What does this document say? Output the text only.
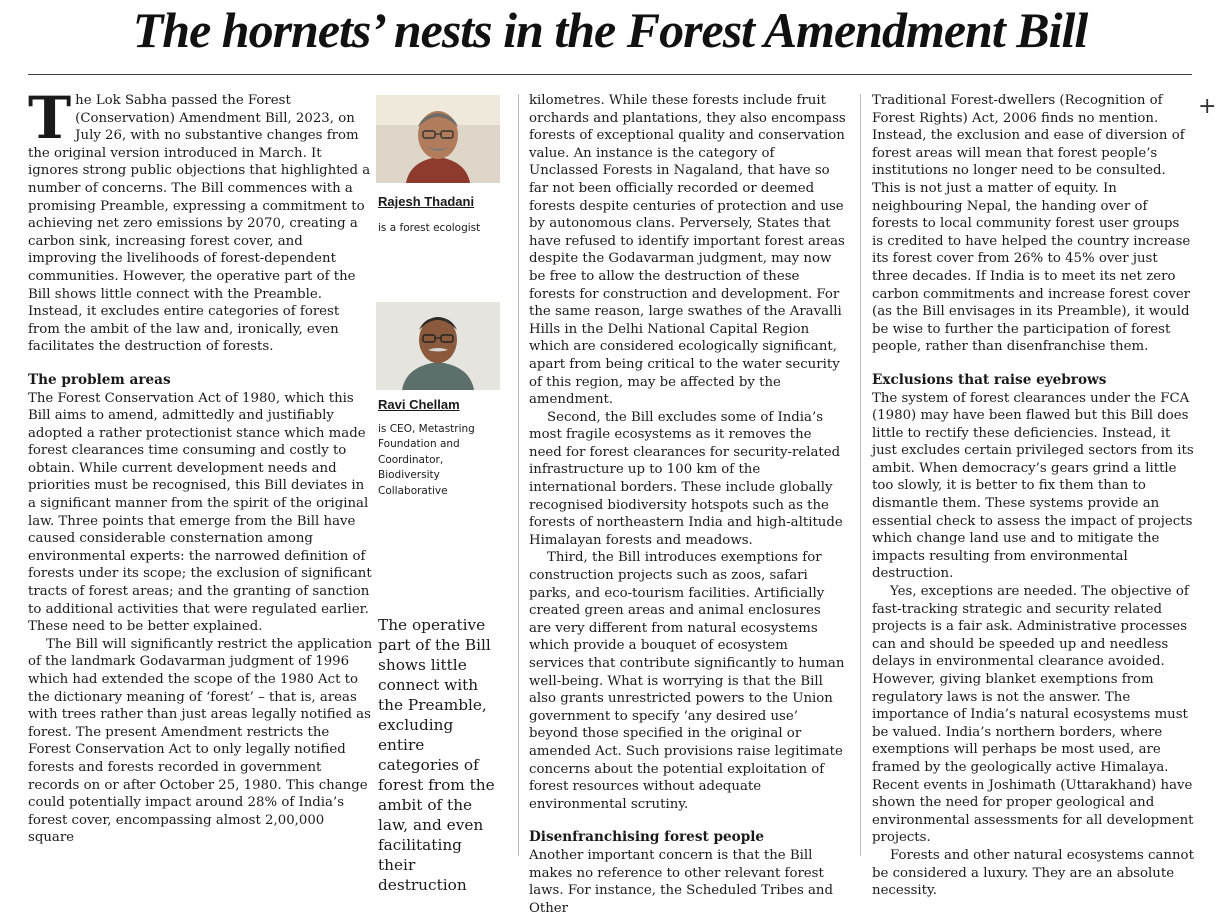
The hornets’ nests in the Forest Amendment Bill

The Lok Sabha passed the Forest (Conservation) Amendment Bill, 2023, on July 26, with no substantive changes from the original version introduced in March. It ignores strong public objections that highlighted a number of concerns. The Bill commences with a promising Preamble, expressing a commitment to achieving net zero emissions by 2070, creating a carbon sink, increasing forest cover, and improving the livelihoods of forest-dependent communities. However, the operative part of the Bill shows little connect with the Preamble. Instead, it excludes entire categories of forest from the ambit of the law and, ironically, even facilitates the destruction of forests.

The problem areas

The Forest Conservation Act of 1980, which this Bill aims to amend, admittedly and justifiably adopted a rather protectionist stance which made forest clearances time consuming and costly to obtain. While current development needs and priorities must be recognised, this Bill deviates in a significant manner from the spirit of the original law. Three points that emerge from the Bill have caused considerable consternation among environmental experts: the narrowed definition of forests under its scope; the exclusion of significant tracts of forest areas; and the granting of sanction to additional activities that were regulated earlier. These need to be better explained.

The Bill will significantly restrict the application of the landmark Godavarman judgment of 1996 which had extended the scope of the 1980 Act to the dictionary meaning of ‘forest’ – that is, areas with trees rather than just areas legally notified as forest. The present Amendment restricts the Forest Conservation Act to only legally notified forests and forests recorded in government records on or after October 25, 1980. This change could potentially impact around 28% of India’s forest cover, encompassing almost 2,00,000 square

Rajesh Thadani
is a forest ecologist
Ravi Chellam
is CEO, Metastring Foundation and Coordinator, Biodiversity Collaborative
The operative part of the Bill shows little connect with the Preamble, excluding entire categories of forest from the ambit of the law, and even facilitating their destruction

kilometres. While these forests include fruit orchards and plantations, they also encompass forests of exceptional quality and conservation value. An instance is the category of Unclassed Forests in Nagaland, that have so far not been officially recorded or deemed forests despite centuries of protection and use by autonomous clans. Perversely, States that have refused to identify important forest areas despite the Godavarman judgment, may now be free to allow the destruction of these forests for construction and development. For the same reason, large swathes of the Aravalli Hills in the Delhi National Capital Region which are considered ecologically significant, apart from being critical to the water security of this region, may be affected by the amendment.

Second, the Bill excludes some of India’s most fragile ecosystems as it removes the need for forest clearances for security-related infrastructure up to 100 km of the international borders. These include globally recognised biodiversity hotspots such as the forests of northeastern India and high-altitude Himalayan forests and meadows.

Third, the Bill introduces exemptions for construction projects such as zoos, safari parks, and eco-tourism facilities. Artificially created green areas and animal enclosures are very different from natural ecosystems which provide a bouquet of ecosystem services that contribute significantly to human well-being. What is worrying is that the Bill also grants unrestricted powers to the Union government to specify ‘any desired use’ beyond those specified in the original or amended Act. Such provisions raise legitimate concerns about the potential exploitation of forest resources without adequate environmental scrutiny.

Disenfranchising forest people

Another important concern is that the Bill makes no reference to other relevant forest laws. For instance, the Scheduled Tribes and Other

Traditional Forest-dwellers (Recognition of Forest Rights) Act, 2006 finds no mention. Instead, the exclusion and ease of diversion of forest areas will mean that forest people’s institutions no longer need to be consulted. This is not just a matter of equity. In neighbouring Nepal, the handing over of forests to local community forest user groups is credited to have helped the country increase its forest cover from 26% to 45% over just three decades. If India is to meet its net zero carbon commitments and increase forest cover (as the Bill envisages in its Preamble), it would be wise to further the participation of forest people, rather than disenfranchise them.

Exclusions that raise eyebrows

The system of forest clearances under the FCA (1980) may have been flawed but this Bill does little to rectify these deficiencies. Instead, it just excludes certain privileged sectors from its ambit. When democracy’s gears grind a little too slowly, it is better to fix them than to dismantle them. These systems provide an essential check to assess the impact of projects which change land use and to mitigate the impacts resulting from environmental destruction.

Yes, exceptions are needed. The objective of fast-tracking strategic and security related projects is a fair ask. Administrative processes can and should be speeded up and needless delays in environmental clearance avoided. However, giving blanket exemptions from regulatory laws is not the answer. The importance of India’s natural ecosystems must be valued. India’s northern borders, where exemptions will perhaps be most used, are framed by the geologically active Himalaya. Recent events in Joshimath (Uttarakhand) have shown the need for proper geological and environmental assessments for all development projects.

Forests and other natural ecosystems cannot be considered a luxury. They are an absolute necessity.

+
